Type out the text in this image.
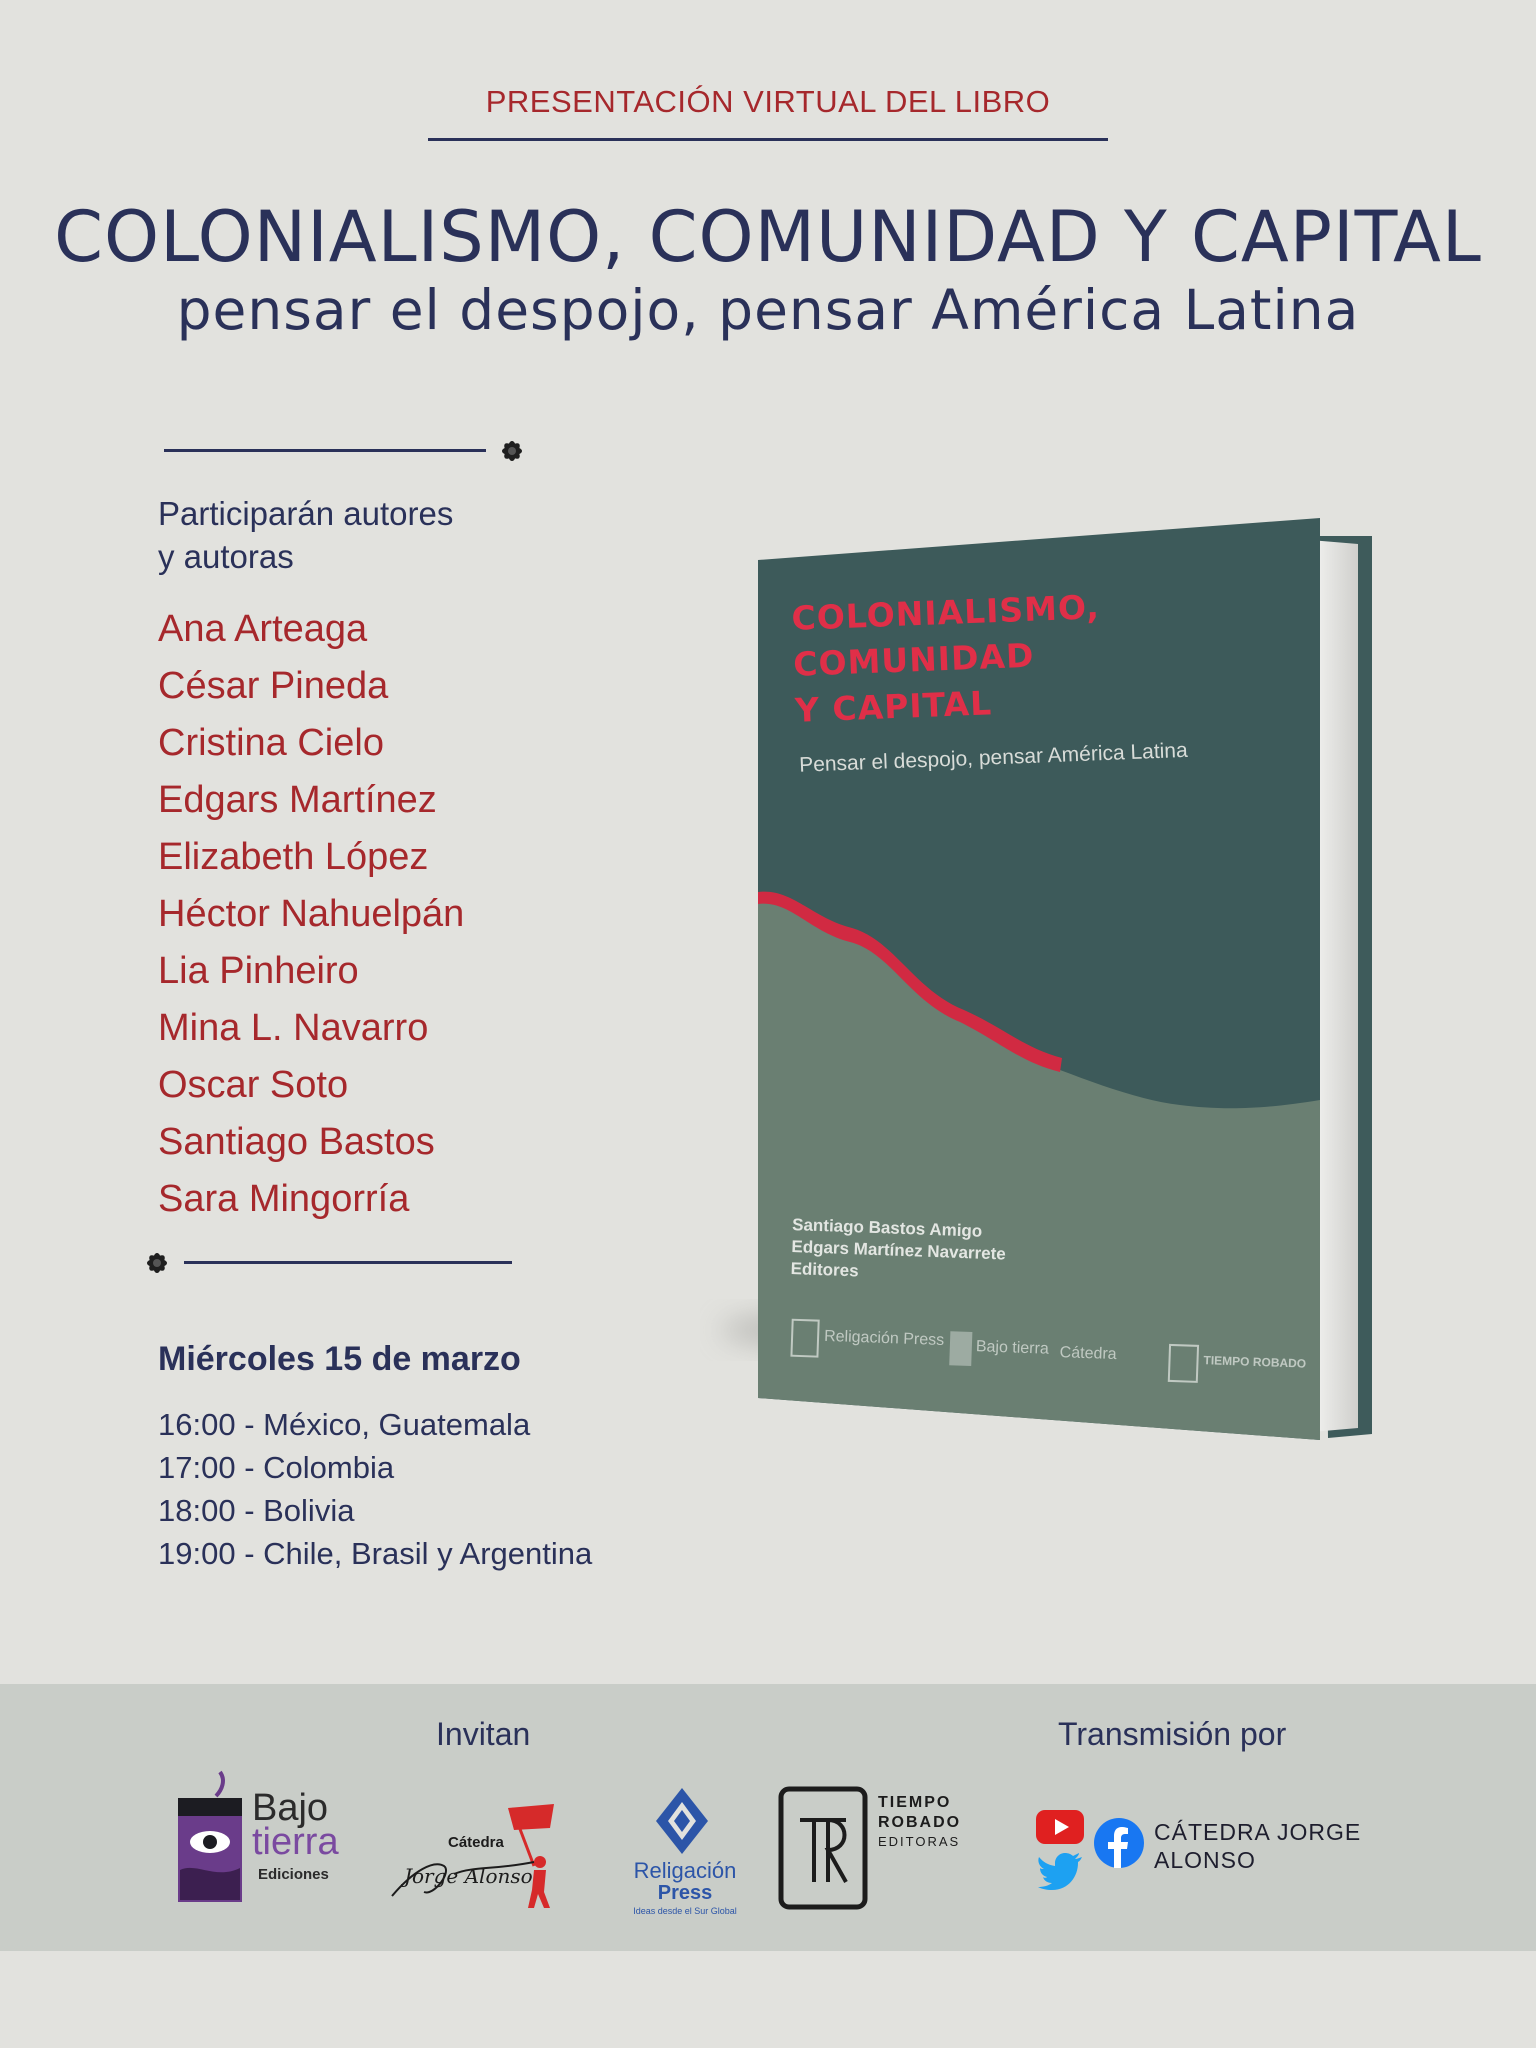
PRESENTACIÓN VIRTUAL DEL LIBRO
COLONIALISMO, COMUNIDAD Y CAPITAL
pensar el despojo, pensar América Latina
Participarán autores
y autoras
Ana Arteaga
César Pineda
Cristina Cielo
Edgars Martínez
Elizabeth López
Héctor Nahuelpán
Lia Pinheiro
Mina L. Navarro
Oscar Soto
Santiago Bastos
Sara Mingorría
Miércoles 15 de marzo
16:00 - México, Guatemala
17:00 - Colombia
18:00 - Bolivia
19:00 - Chile, Brasil y Argentina
COLONIALISMO,
COMUNIDAD
Y CAPITAL
Pensar el despojo, pensar América Latina
Santiago Bastos Amigo
Edgars Martínez Navarrete
Editores
Religación Press Bajo tierra Cátedra	TIEMPO ROBADO
Invitan	Transmisión por
Bajo
tierra
Ediciones
Cátedra
Jorge Alonso	Religación
Press
Ideas desde el Sur Global
TIEMPO
ROBADO
EDITORAS	CÁTEDRA JORGE
ALONSO
